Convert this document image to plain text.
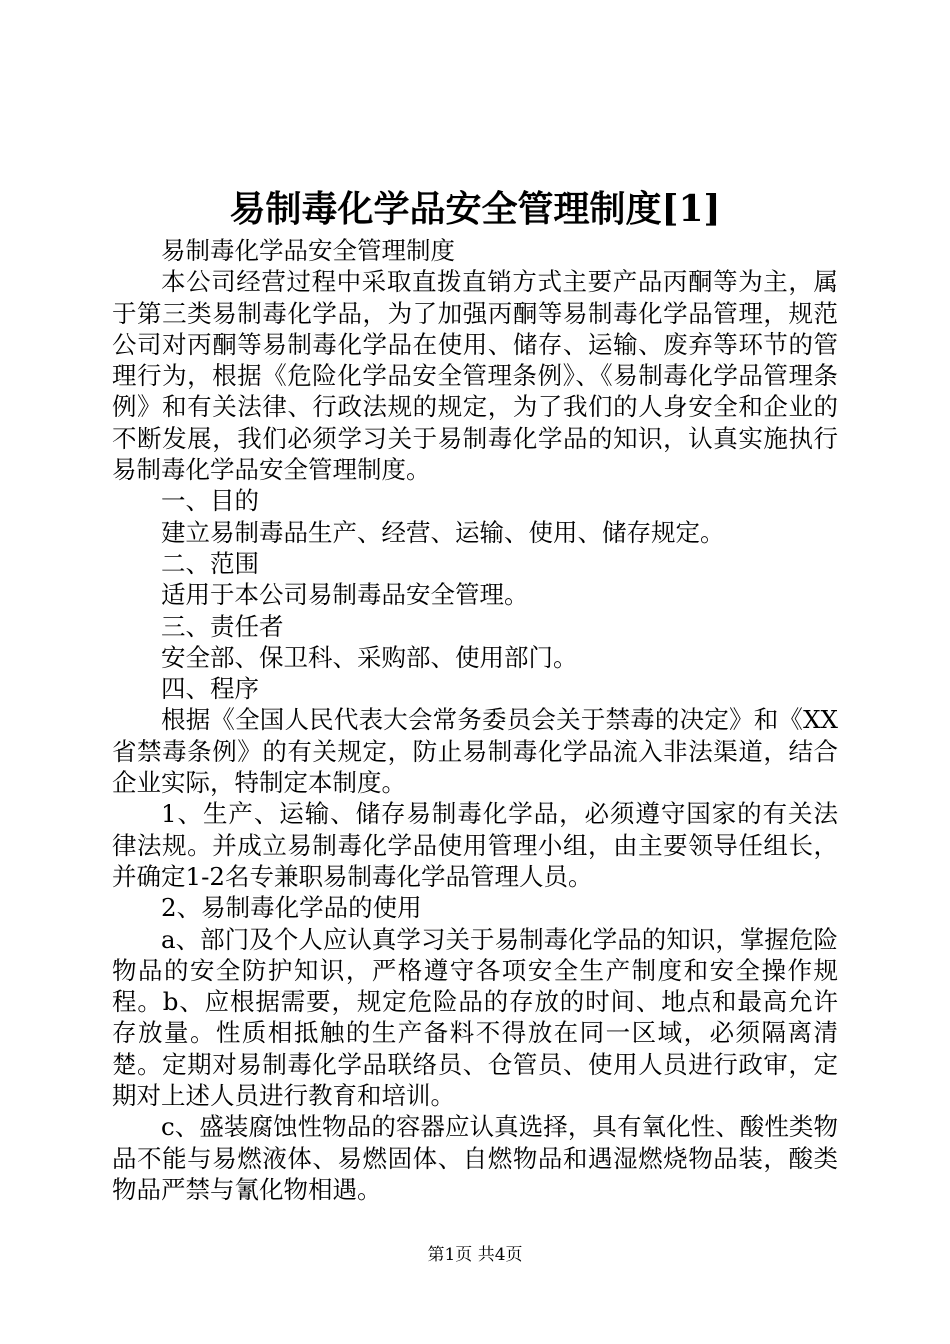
易制毒化学品安全管理制度[1]

易制毒化学品安全管理制度

本公司经营过程中采取直拨直销方式主要产品丙酮等为主，属于第三类易制毒化学品，为了加强丙酮等易制毒化学品管理，规范公司对丙酮等易制毒化学品在使用、储存、运输、废弃等环节的管理行为，根据《危险化学品安全管理条例》、《易制毒化学品管理条例》和有关法律、行政法规的规定，为了我们的人身安全和企业的不断发展，我们必须学习关于易制毒化学品的知识，认真实施执行易制毒化学品安全管理制度。

一、目的

建立易制毒品生产、经营、运输、使用、储存规定。

二、范围

适用于本公司易制毒品安全管理。

三、责任者

安全部、保卫科、采购部、使用部门。

四、程序

根据《全国人民代表大会常务委员会关于禁毒的决定》和《XX省禁毒条例》的有关规定，防止易制毒化学品流入非法渠道，结合企业实际，特制定本制度。

1、生产、运输、储存易制毒化学品，必须遵守国家的有关法律法规。并成立易制毒化学品使用管理小组，由主要领导任组长，并确定1-2名专兼职易制毒化学品管理人员。

2、易制毒化学品的使用

a、部门及个人应认真学习关于易制毒化学品的知识，掌握危险物品的安全防护知识，严格遵守各项安全生产制度和安全操作规程。b、应根据需要，规定危险品的存放的时间、地点和最高允许存放量。性质相抵触的生产备料不得放在同一区域，必须隔离清楚。定期对易制毒化学品联络员、仓管员、使用人员进行政审，定期对上述人员进行教育和培训。

c、盛装腐蚀性物品的容器应认真选择，具有氧化性、酸性类物品不能与易燃液体、易燃固体、自燃物品和遇湿燃烧物品装，酸类物品严禁与氰化物相遇。

第1页 共4页
